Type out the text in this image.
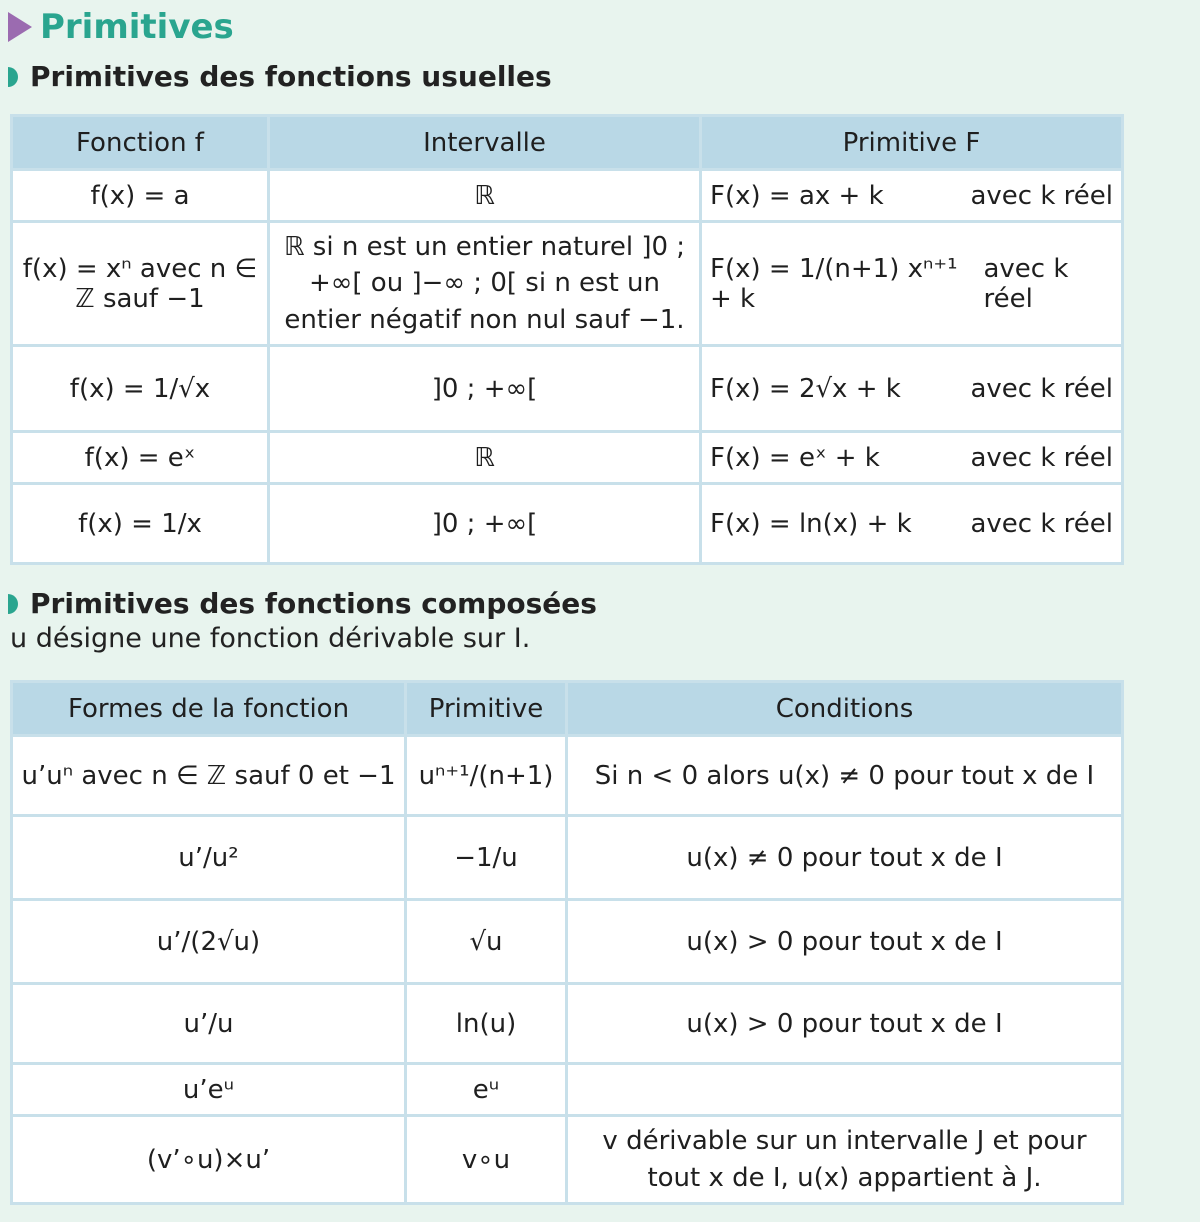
Primitives
Primitives des fonctions usuelles
Fonction f	Intervalle	Primitive F
f(x) = a	ℝ	F(x) = ax + k avec k réel

f(x) = xⁿ avec n ∈ ℤ sauf −1	ℝ si n est un entier naturel ]0 ; +∞[ ou ]−∞ ; 0[ si n est un entier négatif non nul sauf −1.	F(x) = 1/(n+1) xⁿ⁺¹ + k
avec k réel

f(x) = 1/√x	]0 ; +∞[	F(x) = 2√x + k avec k réel

f(x) = eˣ	ℝ	F(x) = eˣ + k avec k réel

f(x) = 1/x	]0 ; +∞[	F(x) = ln(x) + k avec k réel
Primitives des fonctions composées
u désigne une fonction dérivable sur I.
Formes de la fonction	Primitive	Conditions
u’uⁿ avec n ∈ ℤ sauf 0 et −1	uⁿ⁺¹/(n+1)	Si n < 0 alors u(x) ≠ 0 pour tout x de I
u’/u²	−1/u	u(x) ≠ 0 pour tout x de I
u’/(2√u)	√u	u(x) > 0 pour tout x de I
u’/u	ln(u)	u(x) > 0 pour tout x de I
u’eᵘ	eᵘ	
(v’∘u)×u’	v∘u	v dérivable sur un intervalle J et pour tout x de I, u(x) appartient à J.
